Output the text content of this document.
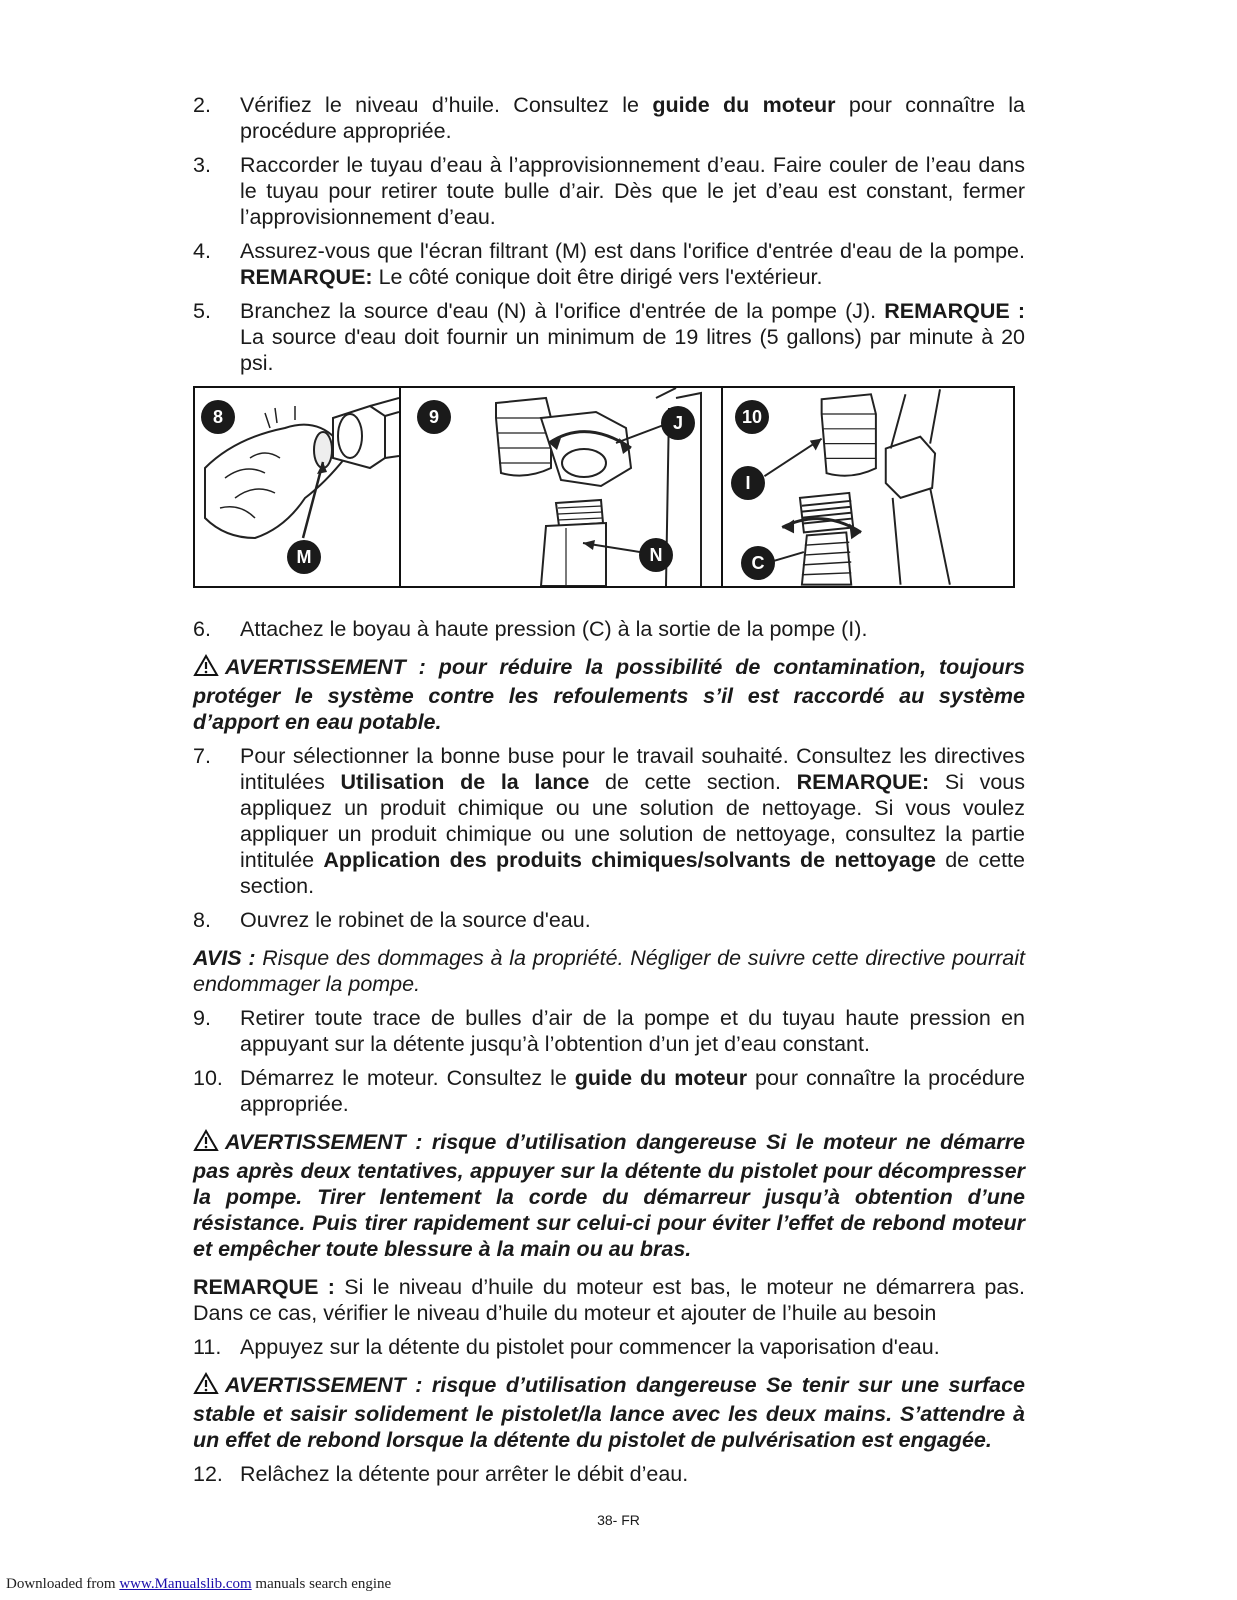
2.	Vérifiez le niveau d’huile. Consultez le guide du moteur pour connaître la procédure appropriée.
3.	Raccorder le tuyau d’eau à l’approvisionnement d’eau. Faire couler de l’eau dans le tuyau pour retirer toute bulle d’air. Dès que le jet d’eau est constant, fermer l’approvisionnement d’eau.
4.	Assurez-vous que l'écran filtrant (M) est dans l'orifice d'entrée d'eau de la pompe. REMARQUE: Le côté conique doit être dirigé vers l'extérieur.
5.	Branchez la source d'eau (N) à l'orifice d'entrée de la pompe (J). REMARQUE : La source d'eau doit fournir un minimum de 19 litres (5 gallons) par minute à 20 psi.
8
M
9	J
N
10
I
C
6.	Attachez le boyau à haute pression (C) à la sortie de la pompe (I).
AVERTISSEMENT : pour réduire la possibilité de contamination, toujours protéger le système contre les refoulements s’il est raccordé au système d’apport en eau potable.
7.	Pour sélectionner la bonne buse pour le travail souhaité. Consultez les directives intitulées Utilisation de la lance de cette section. REMARQUE: Si vous appliquez un produit chimique ou une solution de nettoyage. Si vous voulez appliquer un produit chimique ou une solution de nettoyage, consultez la partie intitulée Application des produits chimiques/solvants de nettoyage de cette section.
8.	Ouvrez le robinet de la source d'eau.
AVIS : Risque des dommages à la propriété. Négliger de suivre cette directive pourrait endommager la pompe.
9.	Retirer toute trace de bulles d’air de la pompe et du tuyau haute pression en appuyant sur la détente jusqu’à l’obtention d’un jet d’eau constant.
10. Démarrez le moteur. Consultez le guide du moteur pour connaître la procédure appropriée.
AVERTISSEMENT : risque d’utilisation dangereuse Si le moteur ne démarre pas après deux tentatives, appuyer sur la détente du pistolet pour décompresser la pompe. Tirer lentement la corde du démarreur jusqu’à obtention d’une résistance. Puis tirer rapidement sur celui-ci pour éviter l’effet de rebond moteur et empêcher toute blessure à la main ou au bras.
REMARQUE : Si le niveau d’huile du moteur est bas, le moteur ne démarrera pas. Dans ce cas, vérifier le niveau d’huile du moteur et ajouter de l’huile au besoin
11. Appuyez sur la détente du pistolet pour commencer la vaporisation d'eau.
AVERTISSEMENT : risque d’utilisation dangereuse Se tenir sur une surface stable et saisir solidement le pistolet/la lance avec les deux mains. S’attendre à un effet de rebond lorsque la détente du pistolet de pulvérisation est engagée.
12. Relâchez la détente pour arrêter le débit d’eau.
38- FR
Downloaded from www.Manualslib.com manuals search engine
